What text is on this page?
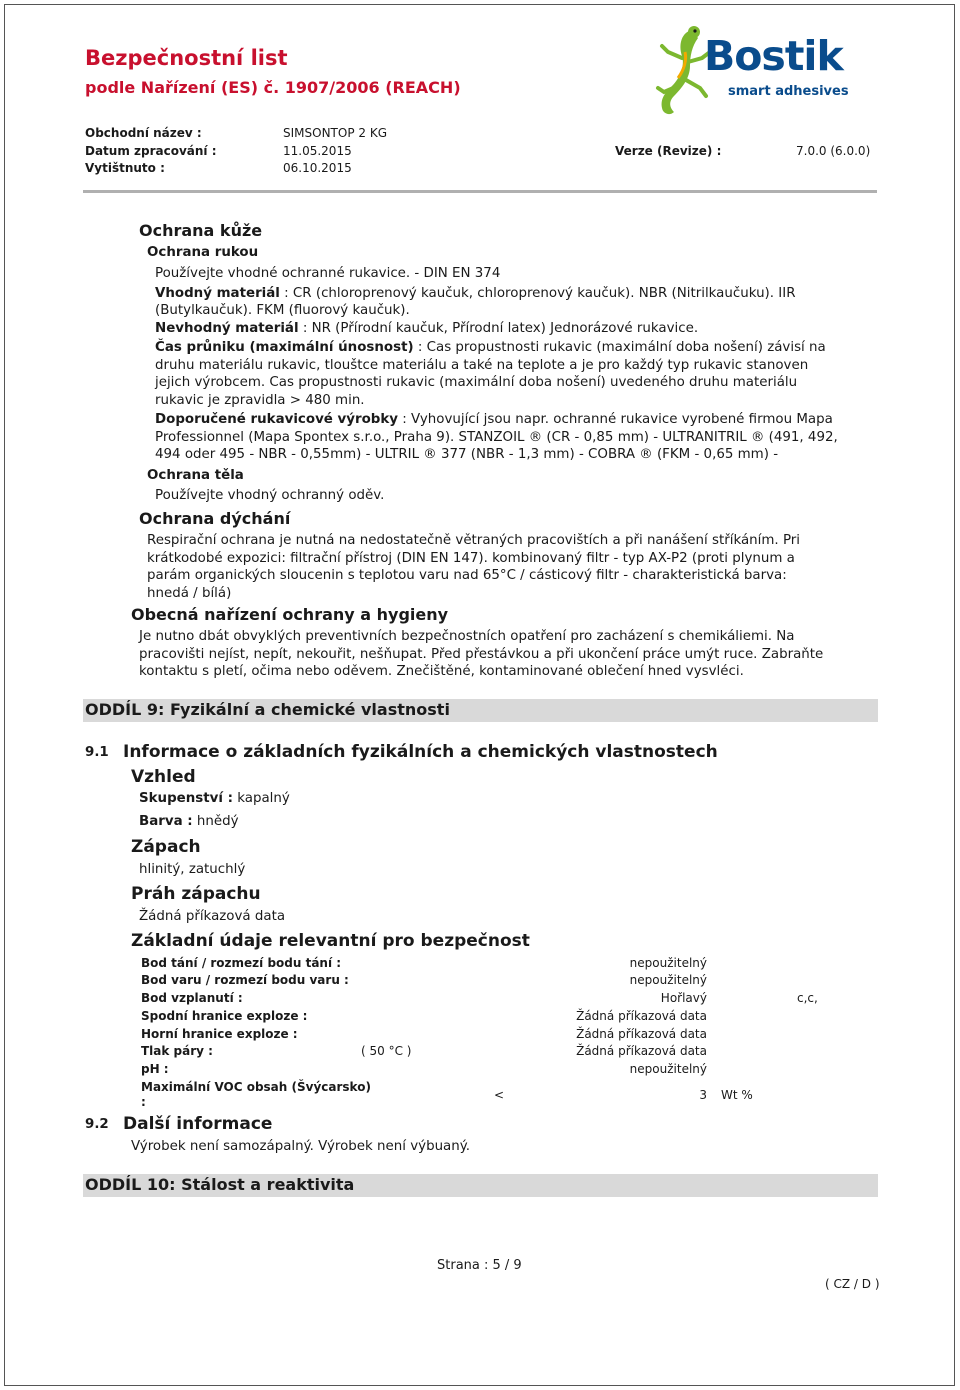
Bezpečnostní list
podle Nařízení (ES) č. 1907/2006 (REACH)
Bostik
smart adhesives
Obchodní název :	SIMSONTOP 2 KG
Datum zpracování :	11.05.2015	Verze (Revize) :	7.0.0 (6.0.0)
Vytištnuto :	06.10.2015
Ochrana kůže
Ochrana rukou
Používejte vhodné ochranné rukavice. - DIN EN 374
Vhodný materiál : CR (chloroprenový kaučuk, chloroprenový kaučuk). NBR (Nitrilkaučuku). IIR
(Butylkaučuk). FKM (fluorový kaučuk).
Nevhodný materiál : NR (Přírodní kaučuk, Přírodní latex) Jednorázové rukavice.
Čas průniku (maximální únosnost) : Cas propustnosti rukavic (maximální doba nošení) závisí na
druhu materiálu rukavic, tlouštce materiálu a také na teplote a je pro každý typ rukavic stanoven
jejich výrobcem. Cas propustnosti rukavic (maximální doba nošení) uvedeného druhu materiálu
rukavic je zpravidla > 480 min.
Doporučené rukavicové výrobky : Vyhovující jsou napr. ochranné rukavice vyrobené firmou Mapa
Professionnel (Mapa Spontex s.r.o., Praha 9). STANZOIL ® (CR - 0,85 mm) - ULTRANITRIL ® (491, 492,
494 oder 495 - NBR - 0,55mm) - ULTRIL ® 377 (NBR - 1,3 mm) - COBRA ® (FKM - 0,65 mm) -
Ochrana těla
Používejte vhodný ochranný oděv.
Ochrana dýchání
Respirační ochrana je nutná na nedostatečně větraných pracovištích a při nanášení stříkáním. Pri
krátkodobé expozici: filtrační přístroj (DIN EN 147). kombinovaný filtr - typ AX-P2 (proti plynum a
parám organických sloucenin s teplotou varu nad 65°C / cásticový filtr - charakteristická barva:
hnedá / bílá)
Obecná nařízení ochrany a hygieny
Je nutno dbát obvyklých preventivních bezpečnostních opatření pro zacházení s chemikáliemi. Na
pracovišti nejíst, nepít, nekouřit, nešňupat. Před přestávkou a při ukončení práce umýt ruce. Zabraňte
kontaktu s pletí, očima nebo oděvem. Znečištěné, kontaminované oblečení hned vysvléci.
ODDÍL 9: Fyzikální a chemické vlastnosti
9.1 Informace o základních fyzikálních a chemických vlastnostech
Vzhled
Skupenství : kapalný
Barva : hnědý
Zápach
hlinitý, zatuchlý
Práh zápachu
Žádná příkazová data
Základní údaje relevantní pro bezpečnost
Bod tání / rozmezí bodu tání :	nepoužitelný
Bod varu / rozmezí bodu varu :	nepoužitelný
Bod vzplanutí :	Hořlavý	c,c,
Spodní hranice exploze :	Žádná příkazová data
Horní hranice exploze :	Žádná příkazová data
Tlak páry :	( 50 °C )	Žádná příkazová data
pH :	nepoužitelný
Maximální VOC obsah (Švýcarsko)
:	<	3 Wt %
9.2 Další informace
Výrobek není samozápalný. Výrobek není výbuaný.
ODDÍL 10: Stálost a reaktivita
Strana : 5 / 9
( CZ / D )
